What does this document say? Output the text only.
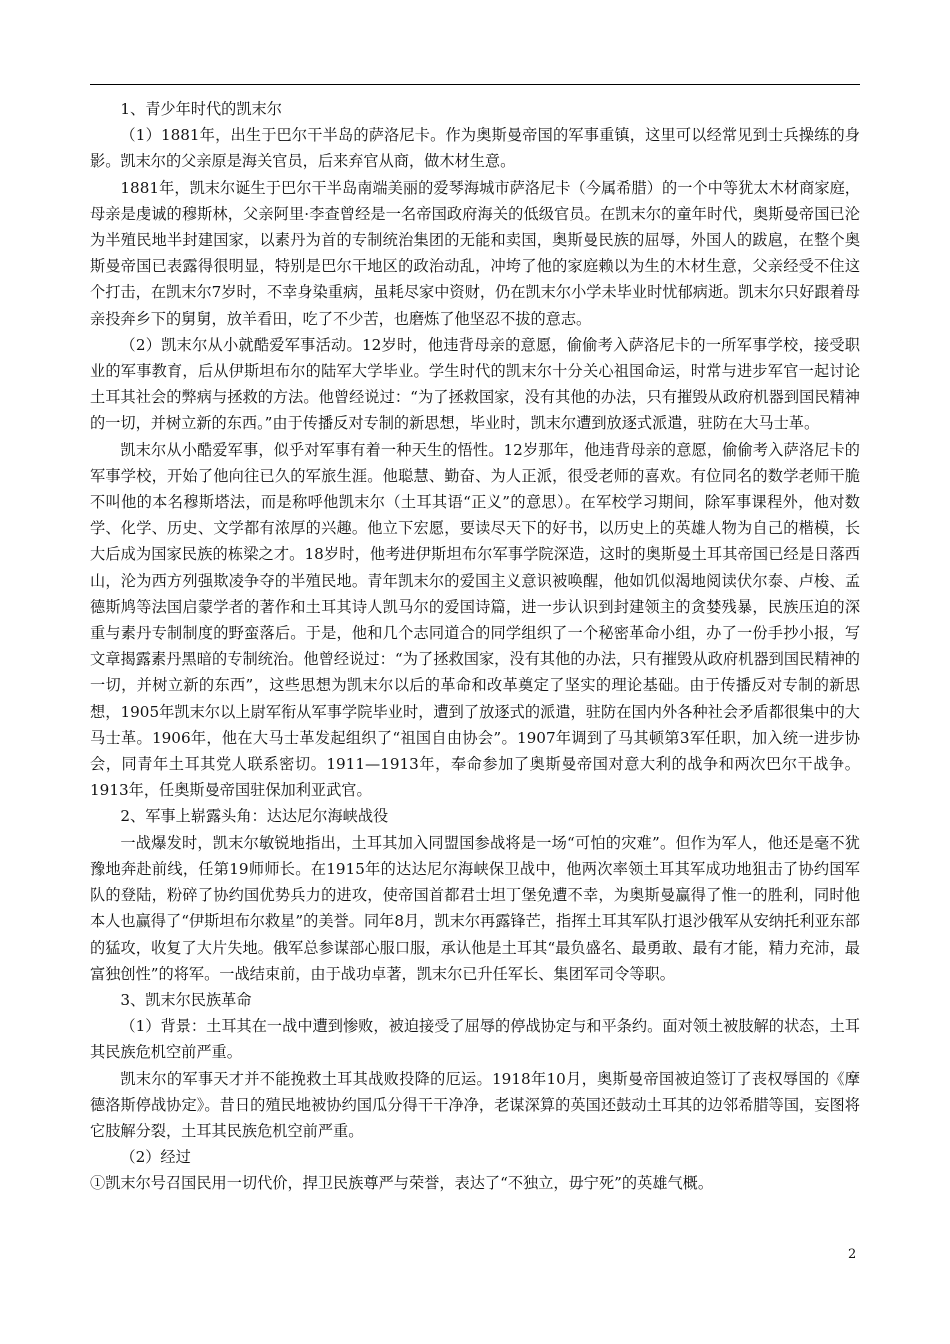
1、青少年时代的凯末尔

（1）1881年，出生于巴尔干半岛的萨洛尼卡。作为奥斯曼帝国的军事重镇，这里可以经常见到士兵操练的身影。凯末尔的父亲原是海关官员，后来弃官从商，做木材生意。

1881年，凯末尔诞生于巴尔干半岛南端美丽的爱琴海城市萨洛尼卡（今属希腊）的一个中等犹太木材商家庭，母亲是虔诚的穆斯林，父亲阿里·李查曾经是一名帝国政府海关的低级官员。在凯末尔的童年时代，奥斯曼帝国已沦为半殖民地半封建国家，以素丹为首的专制统治集团的无能和卖国，奥斯曼民族的屈辱，外国人的跋扈，在整个奥斯曼帝国已表露得很明显，特别是巴尔干地区的政治动乱，冲垮了他的家庭赖以为生的木材生意，父亲经受不住这个打击，在凯末尔7岁时，不幸身染重病，虽耗尽家中资财，仍在凯末尔小学未毕业时忧郁病逝。凯末尔只好跟着母亲投奔乡下的舅舅，放羊看田，吃了不少苦，也磨炼了他坚忍不拔的意志。

（2）凯末尔从小就酷爱军事活动。12岁时，他违背母亲的意愿，偷偷考入萨洛尼卡的一所军事学校，接受职业的军事教育，后从伊斯坦布尔的陆军大学毕业。学生时代的凯末尔十分关心祖国命运，时常与进步军官一起讨论土耳其社会的弊病与拯救的方法。他曾经说过：“为了拯救国家，没有其他的办法，只有摧毁从政府机器到国民精神的一切，并树立新的东西。”由于传播反对专制的新思想，毕业时，凯末尔遭到放逐式派遣，驻防在大马士革。

凯末尔从小酷爱军事，似乎对军事有着一种天生的悟性。12岁那年，他违背母亲的意愿，偷偷考入萨洛尼卡的军事学校，开始了他向往已久的军旅生涯。他聪慧、勤奋、为人正派，很受老师的喜欢。有位同名的数学老师干脆不叫他的本名穆斯塔法，而是称呼他凯末尔（土耳其语“正义”的意思）。在军校学习期间，除军事课程外，他对数学、化学、历史、文学都有浓厚的兴趣。他立下宏愿，要读尽天下的好书，以历史上的英雄人物为自己的楷模，长大后成为国家民族的栋梁之才。18岁时，他考进伊斯坦布尔军事学院深造，这时的奥斯曼土耳其帝国已经是日落西山，沦为西方列强欺凌争夺的半殖民地。青年凯末尔的爱国主义意识被唤醒，他如饥似渴地阅读伏尔泰、卢梭、孟德斯鸠等法国启蒙学者的著作和土耳其诗人凯马尔的爱国诗篇，进一步认识到封建领主的贪婪残暴，民族压迫的深重与素丹专制制度的野蛮落后。于是，他和几个志同道合的同学组织了一个秘密革命小组，办了一份手抄小报，写文章揭露素丹黑暗的专制统治。他曾经说过：“为了拯救国家，没有其他的办法，只有摧毁从政府机器到国民精神的一切，并树立新的东西”，这些思想为凯末尔以后的革命和改革奠定了坚实的理论基础。由于传播反对专制的新思想，1905年凯末尔以上尉军衔从军事学院毕业时，遭到了放逐式的派遣，驻防在国内外各种社会矛盾都很集中的大马士革。1906年，他在大马士革发起组织了“祖国自由协会”。1907年调到了马其顿第3军任职，加入统一进步协会，同青年土耳其党人联系密切。1911—1913年，奉命参加了奥斯曼帝国对意大利的战争和两次巴尔干战争。1913年，任奥斯曼帝国驻保加利亚武官。

2、军事上崭露头角：达达尼尔海峡战役

一战爆发时，凯末尔敏锐地指出，土耳其加入同盟国参战将是一场“可怕的灾难”。但作为军人，他还是毫不犹豫地奔赴前线，任第19师师长。在1915年的达达尼尔海峡保卫战中，他两次率领土耳其军成功地狙击了协约国军队的登陆，粉碎了协约国优势兵力的进攻，使帝国首都君士坦丁堡免遭不幸，为奥斯曼赢得了惟一的胜利，同时他本人也赢得了“伊斯坦布尔救星”的美誉。同年8月，凯末尔再露锋芒，指挥土耳其军队打退沙俄军从安纳托利亚东部的猛攻，收复了大片失地。俄军总参谋部心服口服，承认他是土耳其“最负盛名、最勇敢、最有才能，精力充沛，最富独创性”的将军。一战结束前，由于战功卓著，凯末尔已升任军长、集团军司令等职。

3、凯末尔民族革命

（1）背景：土耳其在一战中遭到惨败，被迫接受了屈辱的停战协定与和平条约。面对领土被肢解的状态，土耳其民族危机空前严重。

凯末尔的军事天才并不能挽救土耳其战败投降的厄运。1918年10月，奥斯曼帝国被迫签订了丧权辱国的《摩德洛斯停战协定》。昔日的殖民地被协约国瓜分得干干净净，老谋深算的英国还鼓动土耳其的边邻希腊等国，妄图将它肢解分裂，土耳其民族危机空前严重。

（2）经过

①凯末尔号召国民用一切代价，捍卫民族尊严与荣誉，表达了“不独立，毋宁死”的英雄气概。

2
